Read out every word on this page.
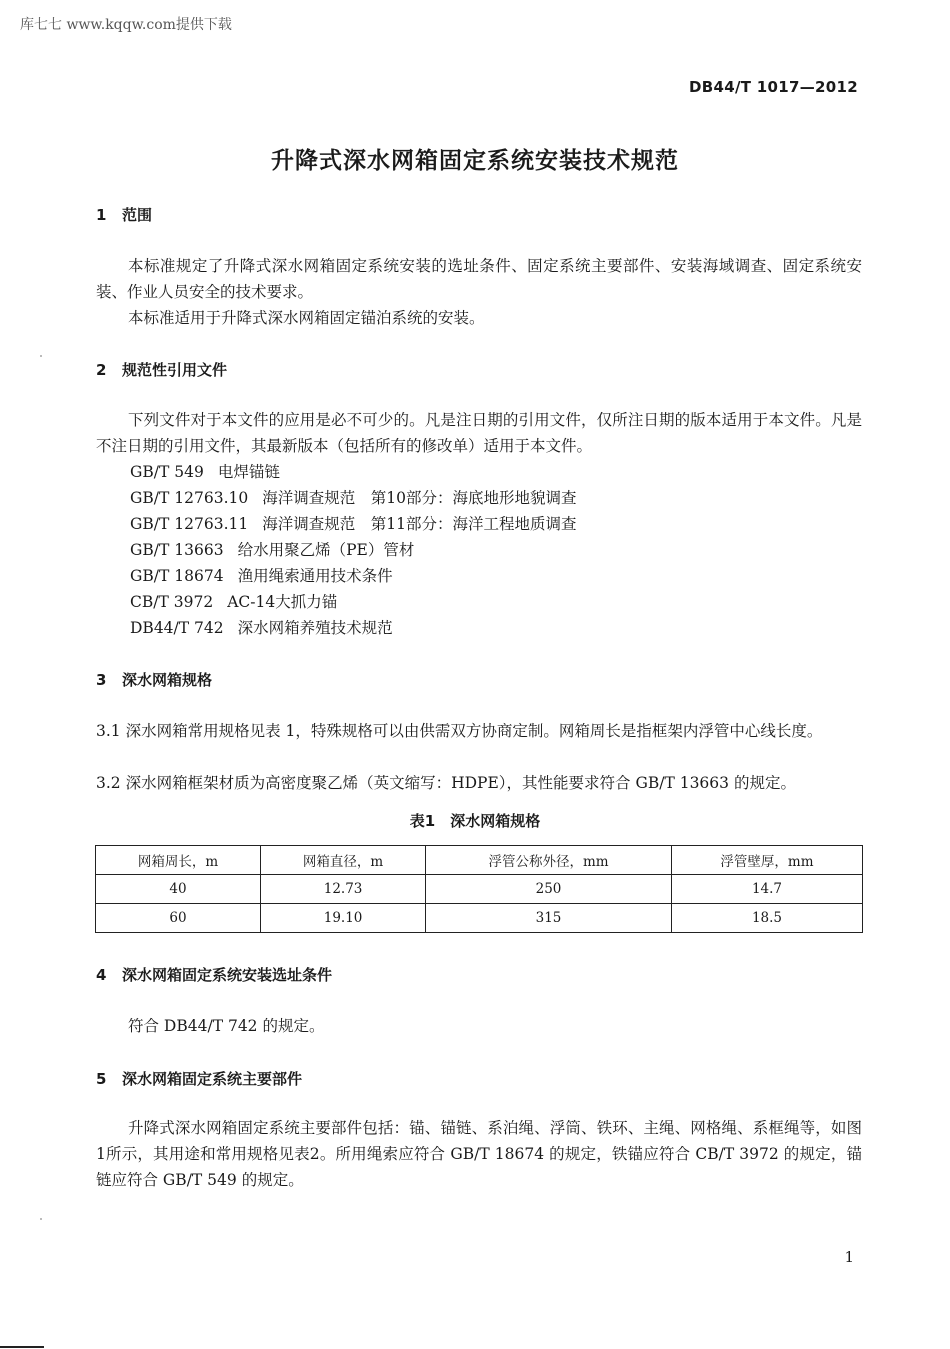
库七七 www.kqqw.com提供下载
DB44/T 1017—2012
升降式深水网箱固定系统安装技术规范
1 范围
本标准规定了升降式深水网箱固定系统安装的选址条件、固定系统主要部件、安装海域调查、固定系统安装、作业人员安全的技术要求。
本标准适用于升降式深水网箱固定锚泊系统的安装。
2 规范性引用文件
下列文件对于本文件的应用是必不可少的。凡是注日期的引用文件，仅所注日期的版本适用于本文件。凡是不注日期的引用文件，其最新版本（包括所有的修改单）适用于本文件。
GB/T 549 电焊锚链
GB/T 12763.10 海洋调查规范　第10部分：海底地形地貌调查
GB/T 12763.11 海洋调查规范　第11部分：海洋工程地质调查
GB/T 13663 给水用聚乙烯（PE）管材
GB/T 18674 渔用绳索通用技术条件
CB/T 3972 AC-14大抓力锚
DB44/T 742 深水网箱养殖技术规范
3 深水网箱规格
3.1 深水网箱常用规格见表 1，特殊规格可以由供需双方协商定制。网箱周长是指框架内浮管中心线长度。
3.2 深水网箱框架材质为高密度聚乙烯（英文缩写：HDPE），其性能要求符合 GB/T 13663 的规定。
表1　深水网箱规格
网箱周长，m	网箱直径，m	浮管公称外径，mm	浮管壁厚，mm
40	12.73	250	14.7
60	19.10	315	18.5
4 深水网箱固定系统安装选址条件
符合 DB44/T 742 的规定。
5 深水网箱固定系统主要部件
升降式深水网箱固定系统主要部件包括：锚、锚链、系泊绳、浮筒、铁环、主绳、网格绳、系框绳等，如图1所示，其用途和常用规格见表2。所用绳索应符合 GB/T 18674 的规定，铁锚应符合 CB/T 3972 的规定，锚链应符合 GB/T 549 的规定。
1
